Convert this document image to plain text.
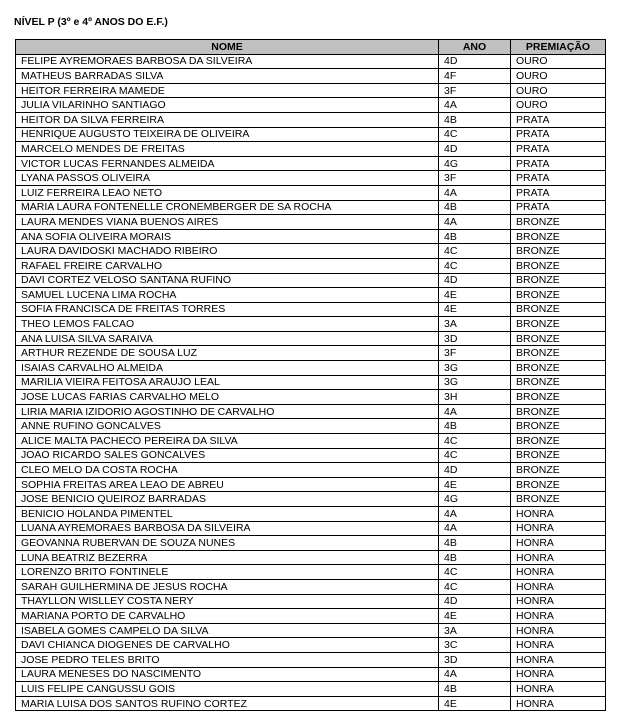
NÍVEL P (3º e 4º ANOS DO E.F.)
NOME	ANO	PREMIAÇÃO
FELIPE AYREMORAES BARBOSA DA SILVEIRA	4D	OURO
MATHEUS BARRADAS SILVA	4F	OURO
HEITOR FERREIRA MAMEDE	3F	OURO
JULIA VILARINHO SANTIAGO	4A	OURO
HEITOR DA SILVA FERREIRA	4B	PRATA
HENRIQUE AUGUSTO TEIXEIRA DE OLIVEIRA	4C	PRATA
MARCELO MENDES DE FREITAS	4D	PRATA
VICTOR LUCAS FERNANDES ALMEIDA	4G	PRATA
LYANA PASSOS OLIVEIRA	3F	PRATA
LUIZ FERREIRA LEAO NETO	4A	PRATA
MARIA LAURA FONTENELLE CRONEMBERGER DE SA ROCHA	4B	PRATA
LAURA MENDES VIANA BUENOS AIRES	4A	BRONZE
ANA SOFIA OLIVEIRA MORAIS	4B	BRONZE
LAURA DAVIDOSKI MACHADO RIBEIRO	4C	BRONZE
RAFAEL FREIRE CARVALHO	4C	BRONZE
DAVI CORTEZ VELOSO SANTANA RUFINO	4D	BRONZE
SAMUEL LUCENA LIMA ROCHA	4E	BRONZE
SOFIA FRANCISCA DE FREITAS TORRES	4E	BRONZE
THEO LEMOS FALCAO	3A	BRONZE
ANA LUISA SILVA SARAIVA	3D	BRONZE
ARTHUR REZENDE DE SOUSA LUZ	3F	BRONZE
ISAIAS CARVALHO ALMEIDA	3G	BRONZE
MARILIA VIEIRA FEITOSA ARAUJO LEAL	3G	BRONZE
JOSE LUCAS FARIAS CARVALHO MELO	3H	BRONZE
LIRIA MARIA IZIDORIO AGOSTINHO DE CARVALHO	4A	BRONZE
ANNE RUFINO GONCALVES	4B	BRONZE
ALICE MALTA PACHECO PEREIRA DA SILVA	4C	BRONZE
JOAO RICARDO SALES GONCALVES	4C	BRONZE
CLEO MELO DA COSTA ROCHA	4D	BRONZE
SOPHIA FREITAS AREA LEAO DE ABREU	4E	BRONZE
JOSE BENICIO QUEIROZ BARRADAS	4G	BRONZE
BENICIO HOLANDA PIMENTEL	4A	HONRA
LUANA AYREMORAES BARBOSA DA SILVEIRA	4A	HONRA
GEOVANNA RUBERVAN DE SOUZA NUNES	4B	HONRA
LUNA BEATRIZ BEZERRA	4B	HONRA
LORENZO BRITO FONTINELE	4C	HONRA
SARAH GUILHERMINA DE JESUS ROCHA	4C	HONRA
THAYLLON WISLLEY COSTA NERY	4D	HONRA
MARIANA PORTO DE CARVALHO	4E	HONRA
ISABELA GOMES CAMPELO DA SILVA	3A	HONRA
DAVI CHIANCA DIOGENES DE CARVALHO	3C	HONRA
JOSE PEDRO TELES BRITO	3D	HONRA
LAURA MENESES DO NASCIMENTO	4A	HONRA
LUIS FELIPE CANGUSSU GOIS	4B	HONRA
MARIA LUISA DOS SANTOS RUFINO CORTEZ	4E	HONRA
